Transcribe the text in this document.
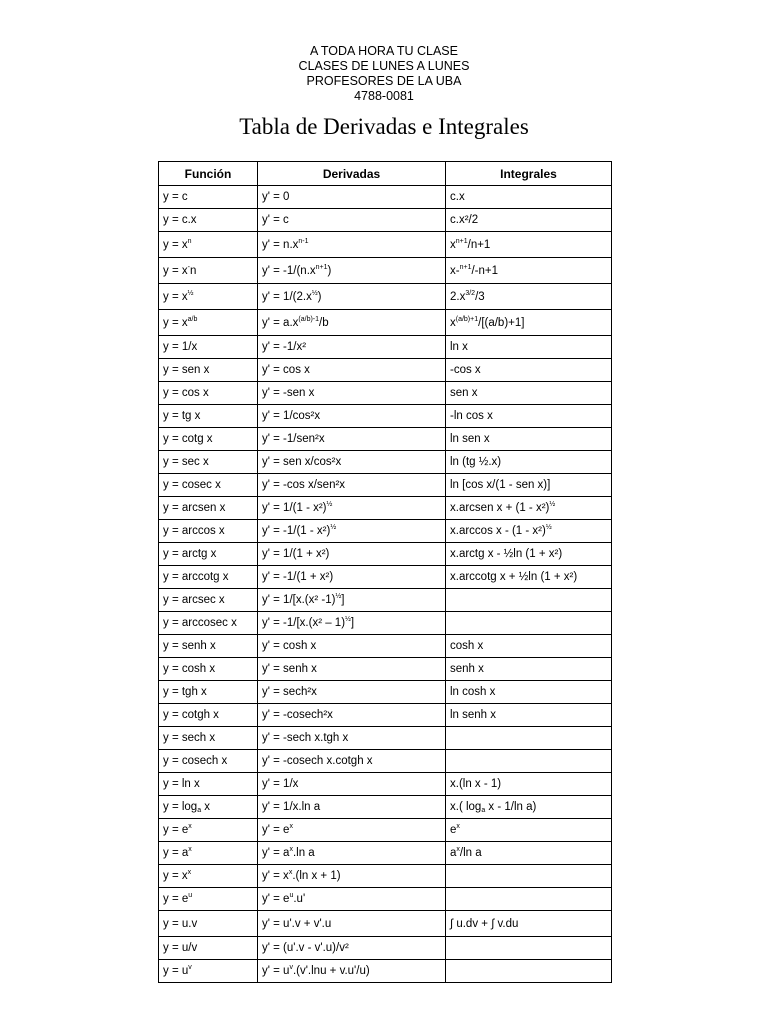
A TODA HORA TU CLASE
CLASES DE LUNES A LUNES
PROFESORES DE LA UBA
4788-0081
Tabla de Derivadas e Integrales
Función	Derivadas	Integrales
y = c	y' = 0	c.x
y = c.x	y' = c	c.x²/2
$y = x^n$	$y' = n.x^{n-1}$	$x^{n+1}/n+1$
y = x-n	$y' = -1/(n.x^{n+1})$	x-$^{n+1}$/-n+1
$y = x^{\frac{1}{2}}$	$y' = 1/(2.x^{\frac{1}{2}})$	$2.x^{3/2}/3$
$y = x^{a/b}$	$y' = a.x^{(a/b)-1}/b$	$x^{(a/b)+1}/[(a/b)+1]$
y = 1/x	y' = -1/x²	ln x
y = sen x	y' = cos x	-cos x
y = cos x	y' = -sen x	sen x
y = tg x	y' = 1/cos²x	-ln cos x
y = cotg x	y' = -1/sen²x	ln sen x
y = sec x	y' = sen x/cos²x	ln (tg ½.x)
y = cosec x	y' = -cos x/sen²x	ln [cos x/(1 - sen x)]
y = arcsen x	y' = 1/(1 - x²)$^{\frac{1}{2}}$	x.arcsen x + (1 - x²)$^{\frac{1}{2}}$
y = arccos x	y' = -1/(1 - x²)$^{\frac{1}{2}}$	x.arccos x - (1 - x²)$^{\frac{1}{2}}$
y = arctg x	y' = 1/(1 + x²)	x.arctg x - ½ln (1 + x²)
y = arccotg x	y' = -1/(1 + x²)	x.arccotg x + ½ln (1 + x²)
y = arcsec x	y' = 1/[x.(x² -1)$^{\frac{1}{2}}$]	
y = arccosec x	y' = -1/[x.(x² – 1)$^{\frac{1}{2}}$]	
y = senh x	y' = cosh x	cosh x
y = cosh x	y' = senh x	senh x
y = tgh x	y' = sech²x	ln cosh x
y = cotgh x	y' = -cosech²x	ln senh x
y = sech x	y' = -sech x.tgh x	
y = cosech x	y' = -cosech x.cotgh x	
y = ln x	y' = 1/x	x.(ln x - 1)
$y = \log_a x$	y' = 1/x.ln a	x.( $\log_a x - 1/\ln$ a)
$y = e^x$	$y' = e^x$	$e^x$
$y = a^x$	$y' = a^x.\ln$ a	$a^x/\ln$ a
$y = x^x$	$y' = x^x.(\ln$ x + 1)	
$y = e^u$	$y' = e^u.u'$	
y = u.v	y' = u'.v + v'.u	∫ u.dv + ∫ v.du
y = u/v	y' = (u'.v - v'.u)/v²	
$y = u^v$	$y' = u^v.(v'.\ln u + v.u'/u)$	
